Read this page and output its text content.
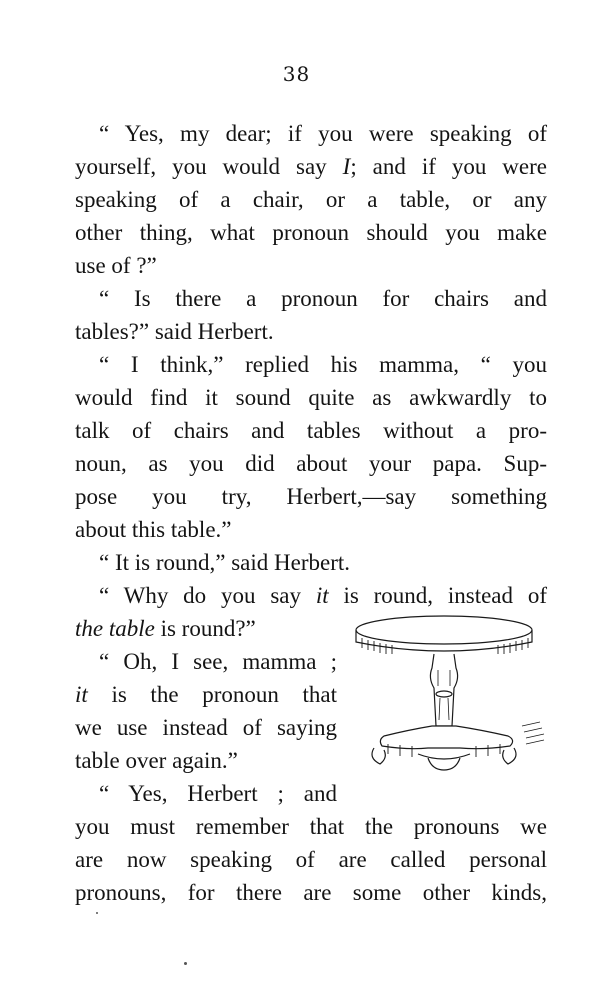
38
“ Yes, my dear; if you were speaking of
yourself, you would say I; and if you were
speaking of a chair, or a table, or any
other thing, what pronoun should you make
use of ?”
“ Is there a pronoun for chairs and
tables?” said Herbert.
“ I think,” replied his mamma, “ you
would find it sound quite as awkwardly to
talk of chairs and tables without a pro-
noun, as you did about your papa. Sup-
pose you try, Herbert,—say something
about this table.”
“ It is round,” said Herbert.
“ Why do you say it is round, instead of
the table is round?”
“ Oh, I see, mamma ;
it is the pronoun that
we use instead of saying
table over again.”
“ Yes, Herbert ; and
you must remember that the pronouns we
are now speaking of are called personal
pronouns, for there are some other kinds,
